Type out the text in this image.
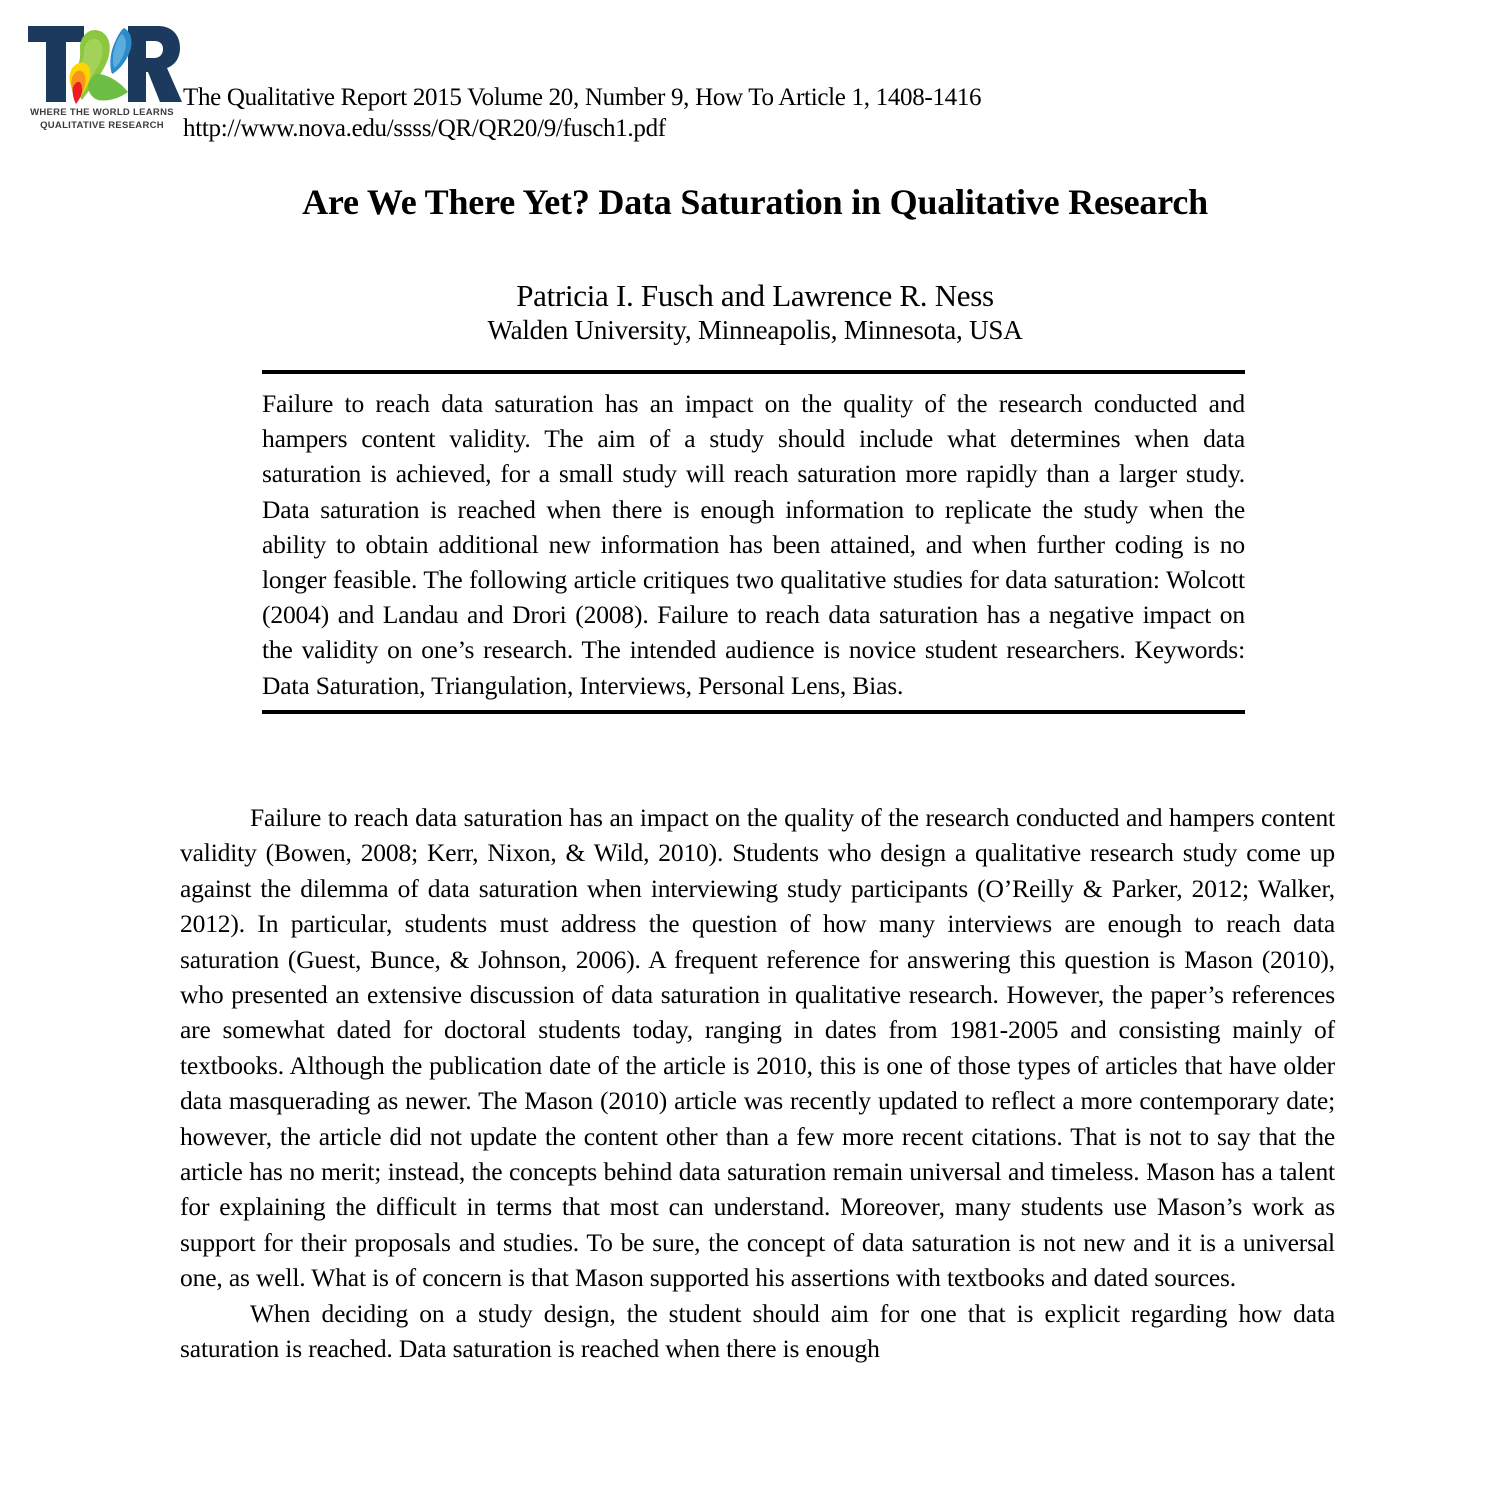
WHERE THE WORLD LEARNS
QUALITATIVE RESEARCH
The Qualitative Report 2015 Volume 20, Number 9, How To Article 1, 1408-1416
http://www.nova.edu/ssss/QR/QR20/9/fusch1.pdf
Are We There Yet? Data Saturation in Qualitative Research
Patricia I. Fusch and Lawrence R. Ness
Walden University, Minneapolis, Minnesota, USA
Failure to reach data saturation has an impact on the quality of the research conducted and hampers content validity. The aim of a study should include what determines when data saturation is achieved, for a small study will reach saturation more rapidly than a larger study. Data saturation is reached when there is enough information to replicate the study when the ability to obtain additional new information has been attained, and when further coding is no longer feasible. The following article critiques two qualitative studies for data saturation: Wolcott (2004) and Landau and Drori (2008). Failure to reach data saturation has a negative impact on the validity on one’s research. The intended audience is novice student researchers. Keywords: Data Saturation, Triangulation, Interviews, Personal Lens, Bias.

Failure to reach data saturation has an impact on the quality of the research conducted and hampers content validity (Bowen, 2008; Kerr, Nixon, & Wild, 2010). Students who design a qualitative research study come up against the dilemma of data saturation when interviewing study participants (O’Reilly & Parker, 2012; Walker, 2012). In particular, students must address the question of how many interviews are enough to reach data saturation (Guest, Bunce, & Johnson, 2006). A frequent reference for answering this question is Mason (2010), who presented an extensive discussion of data saturation in qualitative research. However, the paper’s references are somewhat dated for doctoral students today, ranging in dates from 1981-2005 and consisting mainly of textbooks. Although the publication date of the article is 2010, this is one of those types of articles that have older data masquerading as newer. The Mason (2010) article was recently updated to reflect a more contemporary date; however, the article did not update the content other than a few more recent citations. That is not to say that the article has no merit; instead, the concepts behind data saturation remain universal and timeless. Mason has a talent for explaining the difficult in terms that most can understand. Moreover, many students use Mason’s work as support for their proposals and studies. To be sure, the concept of data saturation is not new and it is a universal one, as well. What is of concern is that Mason supported his assertions with textbooks and dated sources.

When deciding on a study design, the student should aim for one that is explicit regarding how data saturation is reached. Data saturation is reached when there is enough
